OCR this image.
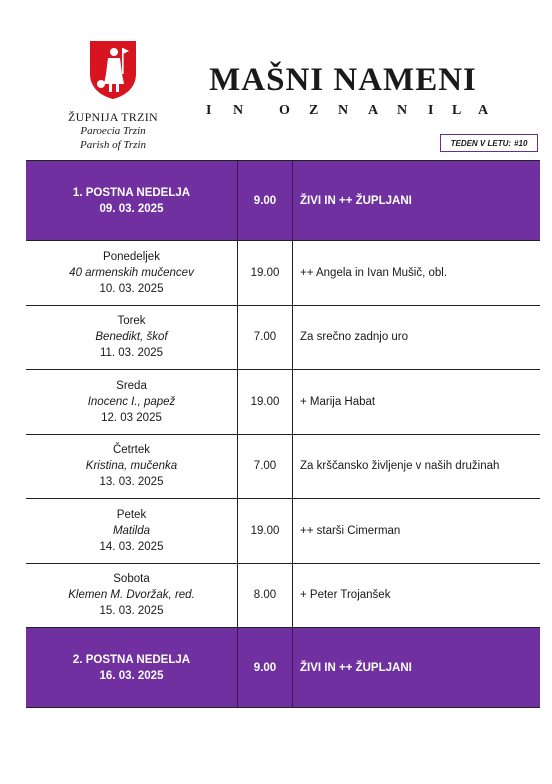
ŽUPNIJA TRZIN
Paroecia Trzin
Parish of Trzin
MAŠNI NAMENI
I N	O Z N A N I L A
TEDEN V LETU: #10
1. POSTNA NEDELJA
09. 03. 2025
9.00	ŽIVI IN ++ ŽUPLJANI
Ponedeljek
40 armenskih mučencev
10. 03. 2025
19.00	++ Angela in Ivan Mušič, obl.
Torek
Benedikt, škof
11. 03. 2025
7.00	Za srečno zadnjo uro
Sreda
Inocenc I., papež
12. 03 2025
19.00	+ Marija Habat
Četrtek
Kristina, mučenka
13. 03. 2025
7.00	Za krščansko življenje v naših družinah
Petek
Matilda
14. 03. 2025
19.00	++ starši Cimerman
Sobota
Klemen M. Dvoržak, red.
15. 03. 2025
8.00	+ Peter Trojanšek
2. POSTNA NEDELJA
16. 03. 2025
9.00	ŽIVI IN ++ ŽUPLJANI
